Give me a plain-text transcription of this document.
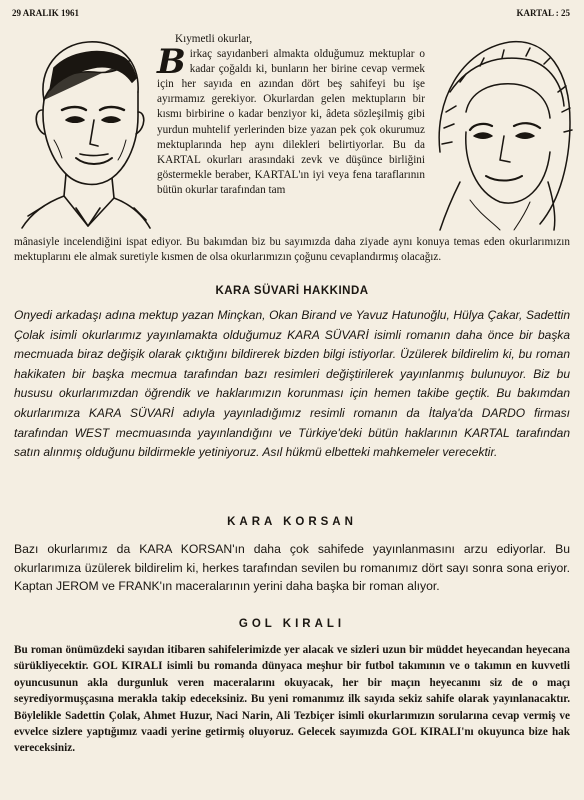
29 ARALIK 1961	KARTAL : 25
Kıymetli okurlar,
B irkaç sayıdanberi almakta olduğumuz mektuplar o kadar çoğaldı ki, bunların her birine cevap vermek için her sayıda en azından dört beş sahifeyi bu işe ayırmamız gerekiyor. Okurlardan gelen mektupların bir kısmı birbirine o kadar benziyor ki, âdeta sözleşilmiş gibi yurdun muhtelif yerlerinden bize yazan pek çok okurumuz mektuplarında hep aynı dilekleri belirtiyorlar. Bu da KARTAL okurları arasındaki zevk ve düşünce birliğini göstermekle beraber, KARTAL'ın iyi veya fena taraflarının bütün okurlar tarafından tam

mânasiyle incelendiğini ispat ediyor. Bu bakımdan biz bu sayımızda daha ziyade aynı konuya temas eden okurlarımızın mektuplarını ele almak suretiyle kısmen de olsa okurlarımızın çoğunu cevaplandırmış olacağız.

KARA SÜVARİ HAKKINDA

Onyedi arkadaşı adına mektup yazan Minçkan, Okan Birand ve Yavuz Hatunoğlu, Hülya Çakar, Sadettin Çolak isimli okurlarımız yayınlamakta olduğumuz KARA SÜVARİ isimli romanın daha önce bir başka mecmuada biraz değişik olarak çıktığını bildirerek bizden bilgi istiyorlar. Üzülerek bildirelim ki, bu roman hakikaten bir başka mecmua tarafından bazı resimleri değiştirilerek yayınlanmış bulunuyor. Biz bu hususu okurlarımızdan öğrendik ve haklarımızın korunması için hemen takibe geçtik. Bu bakımdan okurlarımıza KARA SÜVARİ adıyla yayınladığımız resimli romanın da İtalya'da DARDO firması tarafından WEST mecmuasında yayınlandığını ve Türkiye'deki bütün haklarının KARTAL tarafından satın alınmış olduğunu bildirmekle yetiniyoruz. Asıl hükmü elbetteki mahkemeler verecektir.

KARA KORSAN

Bazı okurlarımız da KARA KORSAN'ın daha çok sahifede yayınlanmasını arzu ediyorlar. Bu okurlarımıza üzülerek bildirelim ki, herkes tarafından sevilen bu romanımız dört sayı sonra sona eriyor. Kaptan JEROM ve FRANK'ın maceralarının yerini daha başka bir roman alıyor.

GOL KIRALI

Bu roman önümüzdeki sayıdan itibaren sahifelerimizde yer alacak ve sizleri uzun bir müddet heyecandan heyecana sürükliyecektir. GOL KIRALI isimli bu romanda dünyaca meşhur bir futbol takımının ve o takımın en kuvvetli oyuncusunun akla durgunluk veren maceralarını okuyacak, her bir maçın heyecanını siz de o maçı seyrediyormuşçasına merakla takip edeceksiniz. Bu yeni romanımız ilk sayıda sekiz sahife olarak yayınlanacaktır. Böylelikle Sadettin Çolak, Ahmet Huzur, Naci Narin, Ali Tezbiçer isimli okurlarımızın sorularına cevap vermiş ve evvelce sizlere yaptığımız vaadi yerine getirmiş oluyoruz. Gelecek sayımızda GOL KIRALI'nı okuyunca bize hak vereceksiniz.
